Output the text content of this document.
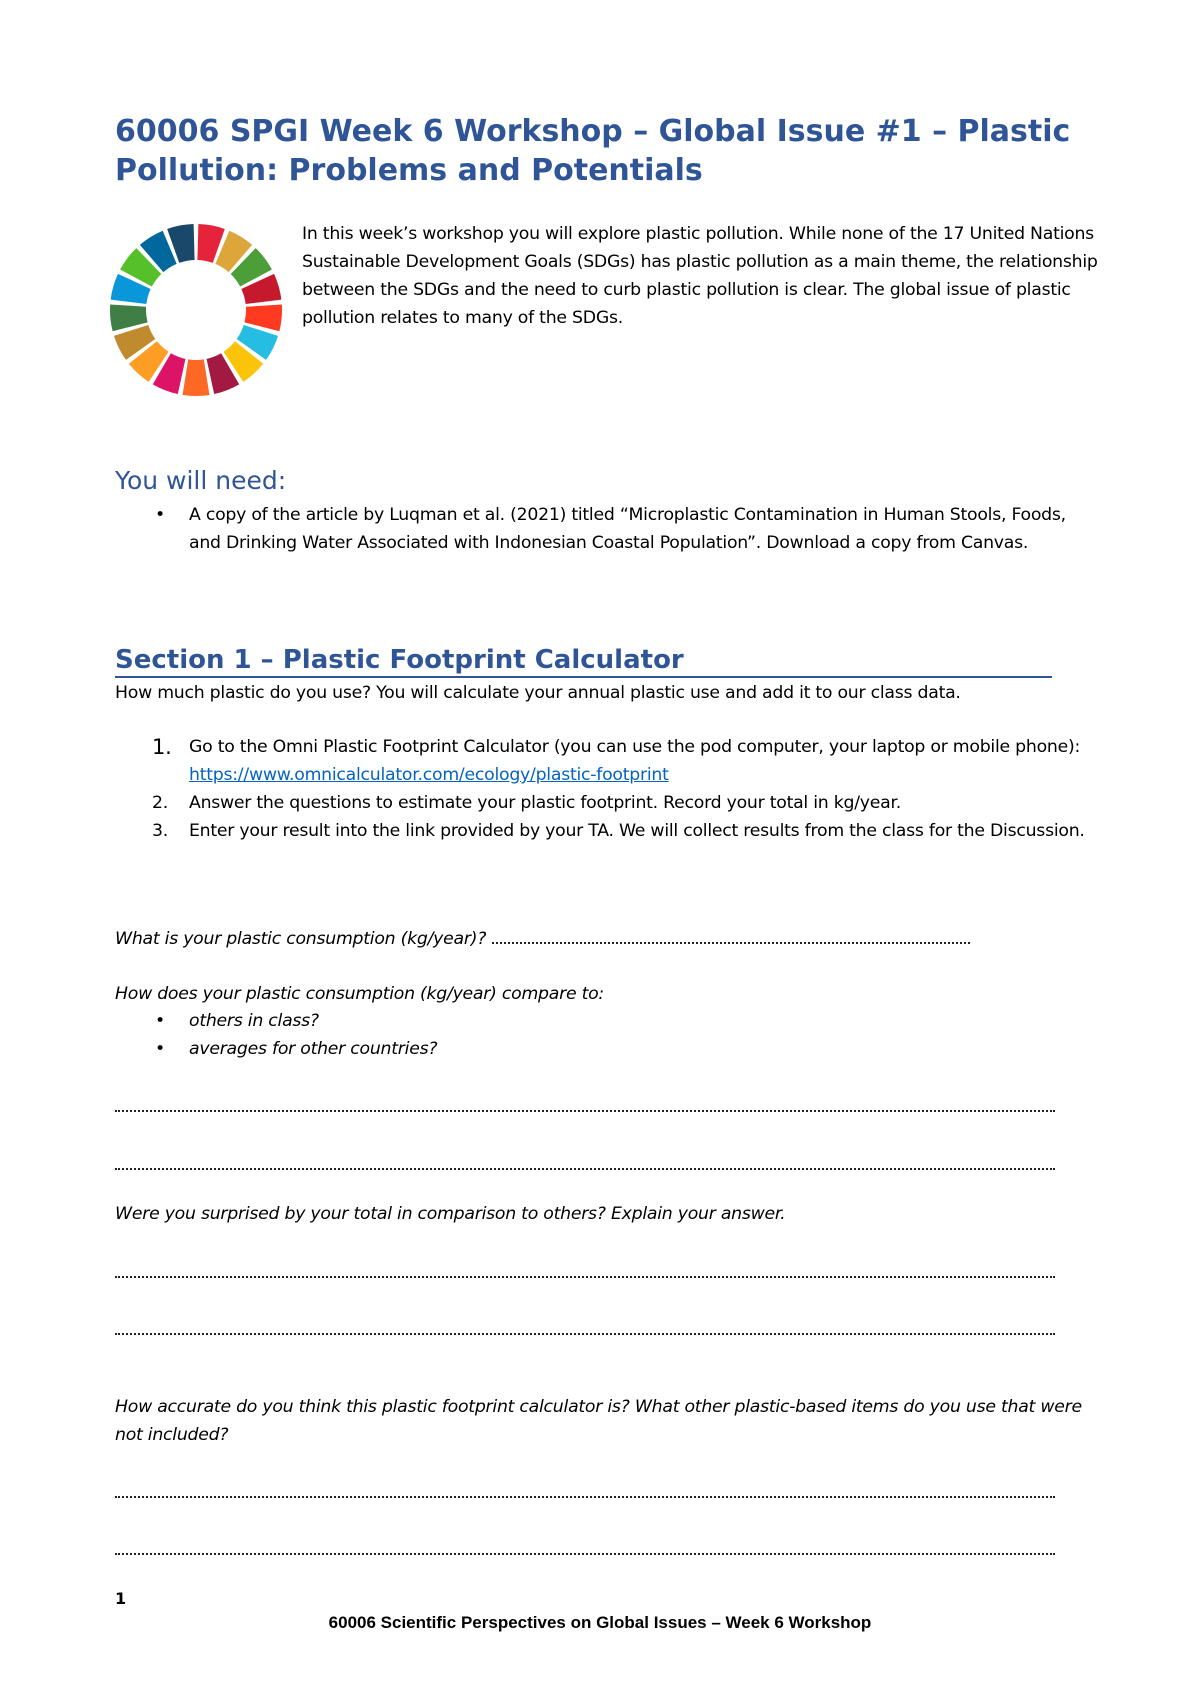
60006 SPGI Week 6 Workshop – Global Issue #1 – Plastic Pollution: Problems and Potentials

In this week’s workshop you will explore plastic pollution. While none of the 17 United Nations Sustainable Development Goals (SDGs) has plastic pollution as a main theme, the relationship between the SDGs and the need to curb plastic pollution is clear. The global issue of plastic pollution relates to many of the SDGs.

You will need:
• A copy of the article by Luqman et al. (2021) titled “Microplastic Contamination in Human Stools, Foods, and Drinking Water Associated with Indonesian Coastal Population”. Download a copy from Canvas.
Section 1 – Plastic Footprint Calculator

How much plastic do you use? You will calculate your annual plastic use and add it to our class data.

1. Go to the Omni Plastic Footprint Calculator (you can use the pod computer, your laptop or mobile phone): https://www.omnicalculator.com/ecology/plastic-footprint
2. Answer the questions to estimate your plastic footprint. Record your total in kg/year.
3. Enter your result into the link provided by your TA. We will collect results from the class for the Discussion.

What is your plastic consumption (kg/year)?

How does your plastic consumption (kg/year) compare to:

• others in class?
• averages for other countries?

Were you surprised by your total in comparison to others? Explain your answer.

How accurate do you think this plastic footprint calculator is? What other plastic-based items do you use that were not included?

1

60006 Scientific Perspectives on Global Issues – Week 6 Workshop
